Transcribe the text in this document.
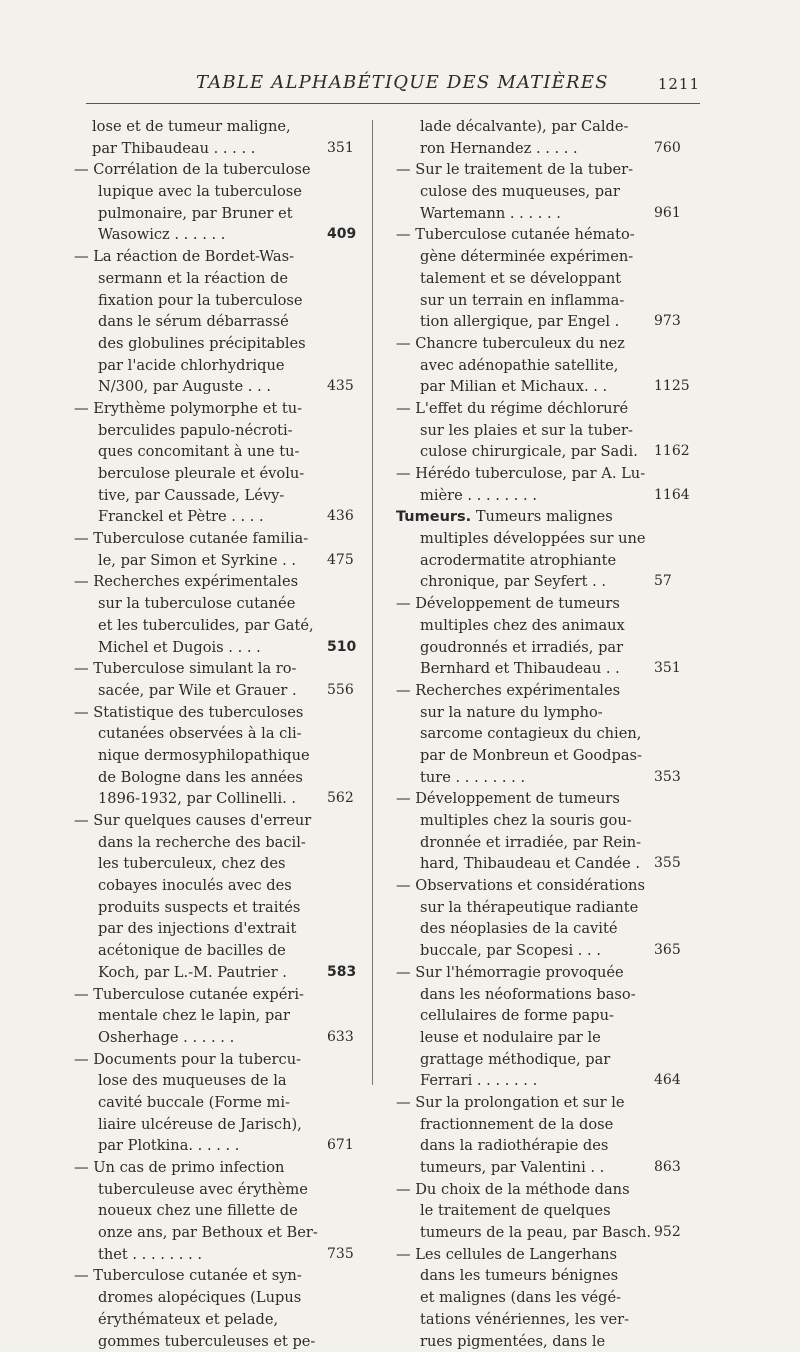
TABLE ALPHABÉTIQUE DES MATIÈRES	1211
lose et de tumeur maligne,
par Thibaudeau . . . . .	351
— Corrélation de la tuberculose
lupique avec la tuberculose
pulmonaire, par Bruner et
Wasowicz . . . . . .	409
— La réaction de Bordet-Was-
sermann et la réaction de
fixation pour la tuberculose
dans le sérum débarrassé
des globulines précipitables
par l'acide chlorhydrique
N/300, par Auguste . . .	435
— Erythème polymorphe et tu-
berculides papulo-nécroti-
ques concomitant à une tu-
berculose pleurale et évolu-
tive, par Caussade, Lévy-
Franckel et Pètre . . . .	436
— Tuberculose cutanée familia-
le, par Simon et Syrkine . . 475
— Recherches expérimentales
sur la tuberculose cutanée
et les tuberculides, par Gaté,
Michel et Dugois . . . .	510
— Tuberculose simulant la ro-
sacée, par Wile et Grauer . 556
— Statistique des tuberculoses
cutanées observées à la cli-
nique dermosyphilopathique
de Bologne dans les années
1896-1932, par Collinelli. . 562
— Sur quelques causes d'erreur
dans la recherche des bacil-
les tuberculeux, chez des
cobayes inoculés avec des
produits suspects et traités
par des injections d'extrait
acétonique de bacilles de
Koch, par L.-M. Pautrier .	583
— Tuberculose cutanée expéri-
mentale chez le lapin, par
Osherhage . . . . . .	633
— Documents pour la tubercu-
lose des muqueuses de la
cavité buccale (Forme mi-
liaire ulcéreuse de Jarisch),
par Plotkina. . . . . .	671
— Un cas de primo infection
tuberculeuse avec érythème
noueux chez une fillette de
onze ans, par Bethoux et Ber-
thet . . . . . . . .	735
— Tuberculose cutanée et syn-
dromes alopéciques (Lupus
érythémateux et pelade,
gommes tuberculeuses et pe-
lade décalvante), par Calde-
ron Hernandez . . . . .	760
— Sur le traitement de la tuber-
culose des muqueuses, par
Wartemann . . . . . .	961
— Tuberculose cutanée hémato-
gène déterminée expérimen-
talement et se développant
sur un terrain en inflamma-
tion allergique, par Engel . 973
— Chancre tuberculeux du nez
avec adénopathie satellite,
par Milian et Michaux. . .	1125
— L'effet du régime déchloruré
sur les plaies et sur la tuber-
culose chirurgicale, par Sadi. 1162
— Hérédo tuberculose, par A. Lu-
mière . . . . . . . .	1164
Tumeurs. Tumeurs malignes
multiples développées sur une
acrodermatite atrophiante
chronique, par Seyfert . .	57
— Développement de tumeurs
multiples chez des animaux
goudronnés et irradiés, par
Bernhard et Thibaudeau . . 351
— Recherches expérimentales
sur la nature du lympho-
sarcome contagieux du chien,
par de Monbreun et Goodpas-
ture . . . . . . . .	353
— Développement de tumeurs
multiples chez la souris gou-
dronnée et irradiée, par Rein-
hard, Thibaudeau et Candée . 355
— Observations et considérations
sur la thérapeutique radiante
des néoplasies de la cavité
buccale, par Scopesi . . .	365
— Sur l'hémorragie provoquée
dans les néoformations baso-
cellulaires de forme papu-
leuse et nodulaire par le
grattage méthodique, par
Ferrari . . . . . . .	464
— Sur la prolongation et sur le
fractionnement de la dose
dans la radiothérapie des
tumeurs, par Valentini . .	863
— Du choix de la méthode dans
le traitement de quelques
tumeurs de la peau, par Basch. 952
— Les cellules de Langerhans
dans les tumeurs bénignes
et malignes (dans les végé-
tations vénériennes, les ver-
rues pigmentées, dans le
